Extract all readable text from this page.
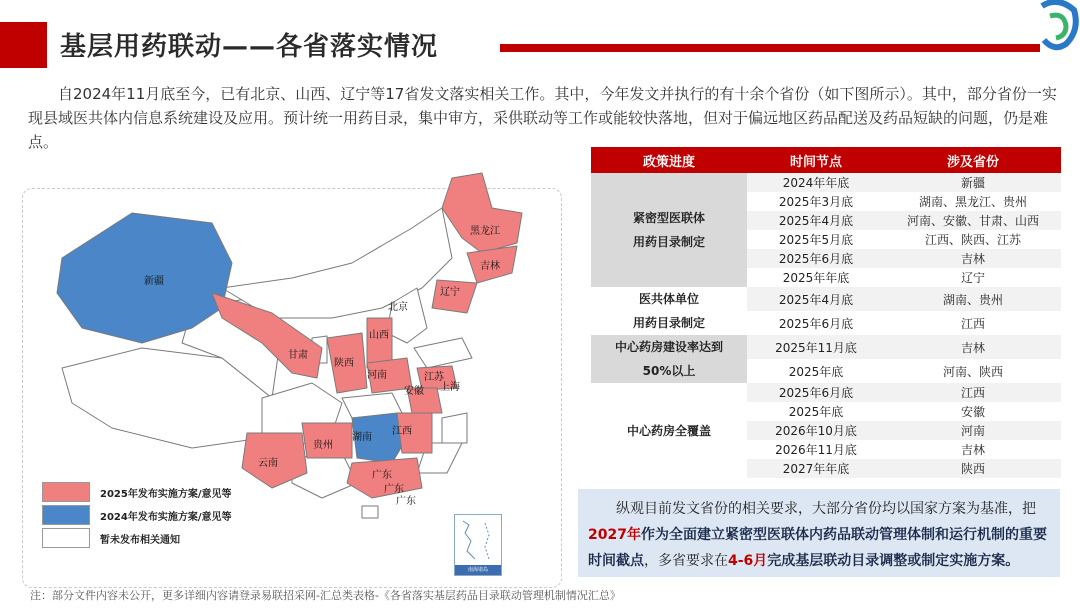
基层用药联动——各省落实情况

自2024年11月底至今，已有北京、山西、辽宁等17省发文落实相关工作。其中，今年发文并执行的有十余个省份（如下图所示）。其中，部分省份一实现县域医共体内信息系统建设及应用。预计统一用药目录，集中审方，采供联动等工作或能较快落地，但对于偏远地区药品配送及药品短缺的问题，仍是难点。

新疆
黑龙江
吉林
辽宁
北京
山西
甘肃
陕西
河南	江苏
上海
安徽
湖南
江西
贵州
云南
广东
广东
广东
南海诸岛
2025年发布实施方案/意见等
2024年发布实施方案/意见等
暂未发布相关通知
政策进度	时间节点	涉及省份
紧密型医联体
用药目录制定	2024年年底	新疆
	2025年3月底	湖南、黑龙江、贵州
	2025年4月底	河南、安徽、甘肃、山西
	2025年5月底	江西、陕西、江苏
	2025年6月底	吉林
	2025年年底	辽宁
医共体单位
用药目录制定	2025年4月底	湖南、贵州
	2025年6月底	江西
中心药房建设率达到
50%以上	2025年11月底	吉林
	2025年底	河南、陕西
中心药房全覆盖	2025年6月底	江西
	2025年底	安徽
	2026年10月底	河南
	2026年11月底	吉林
	2027年年底	陕西

纵观目前发文省份的相关要求，大部分省份均以国家方案为基准，把2027年作为全面建立紧密型医联体内药品联动管理体制和运行机制的重要时间截点，多省要求在4-6月完成基层联动目录调整或制定实施方案。

注：部分文件内容未公开，更多详细内容请登录易联招采网-汇总类表格-《各省落实基层药品目录联动管理机制情况汇总》
